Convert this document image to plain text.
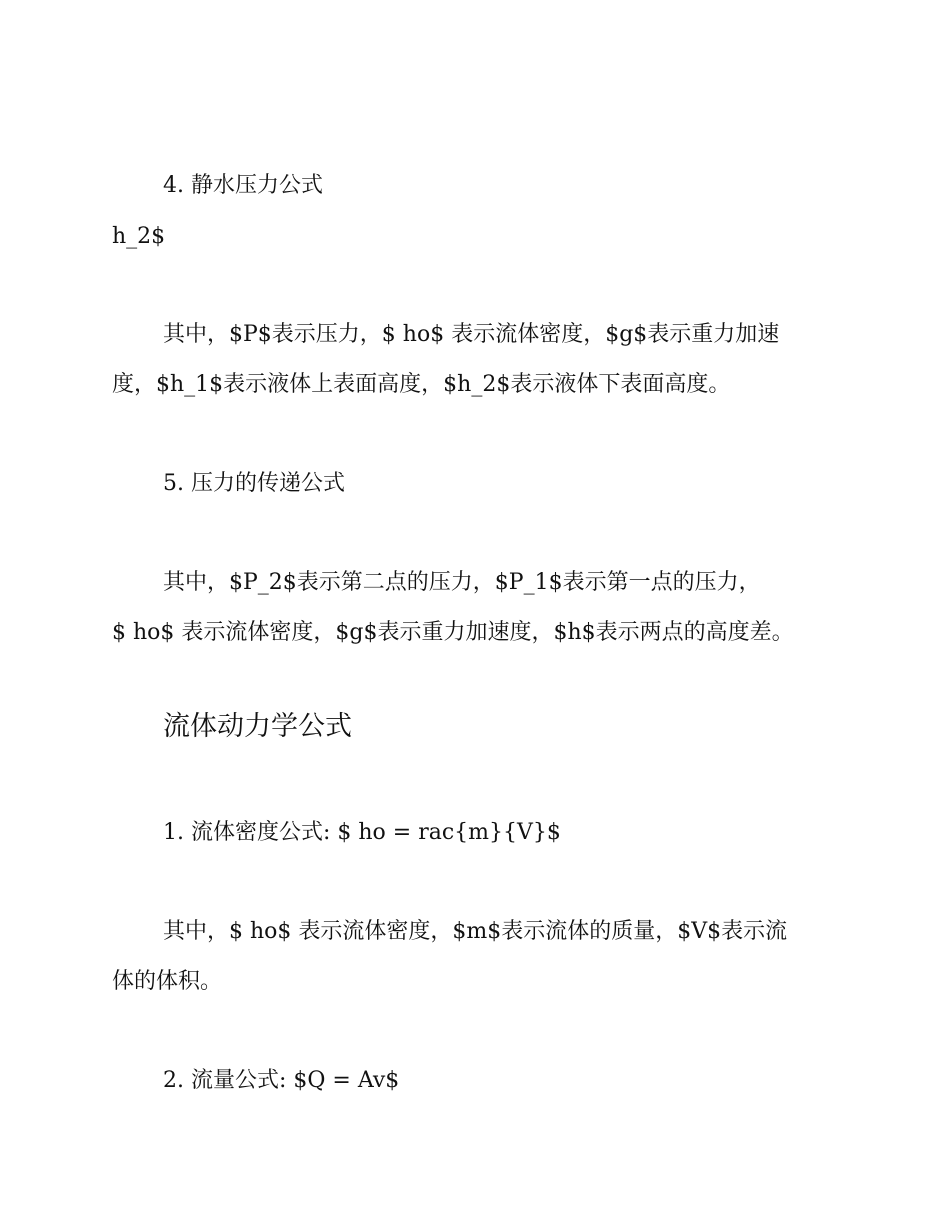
4. 静水压力公式

h_2$

其中，$P$表示压力，$ ho$ 表示流体密度，$g$表示重力加速

度，$h_1$表示液体上表面高度，$h_2$表示液体下表面高度。

5. 压力的传递公式

其中，$P_2$表示第二点的压力，$P_1$表示第一点的压力，

$ ho$ 表示流体密度，$g$表示重力加速度，$h$表示两点的高度差。

流体动力学公式

1. 流体密度公式: $ ho = rac{m}{V}$

其中，$ ho$ 表示流体密度，$m$表示流体的质量，$V$表示流

体的体积。

2. 流量公式: $Q = Av$
